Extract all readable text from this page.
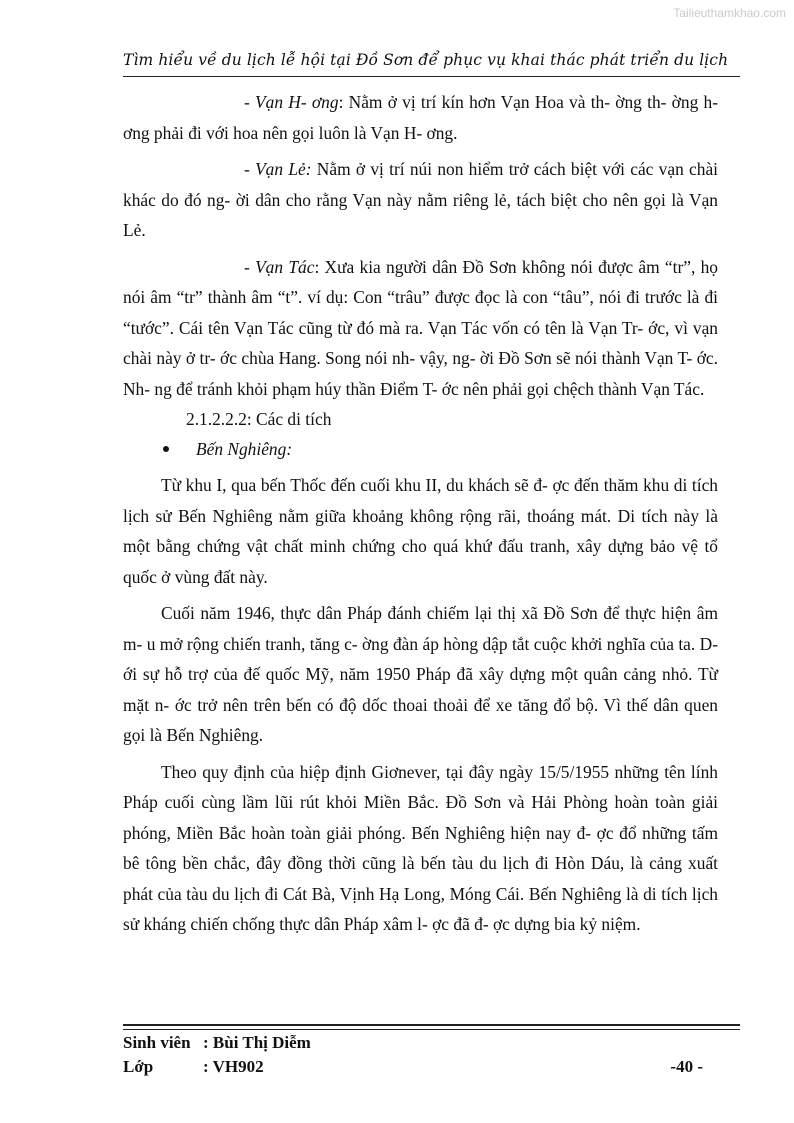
Tailieuthamkhao.com
Tìm hiểu về du lịch lễ hội tại Đồ Sơn để phục vụ khai thác phát triển du lịch

- Vạn H- ơng: Nằm ở vị trí kín hơn Vạn Hoa và th- ờng th- ờng h- ơng phải đi với hoa nên gọi luôn là Vạn H- ơng.

- Vạn Lẻ: Nằm ở vị trí núi non hiểm trở cách biệt với các vạn chài khác do đó ng- ời dân cho rằng Vạn này nằm riêng lẻ, tách biệt cho nên gọi là Vạn Lẻ.

- Vạn Tác: Xưa kia người dân Đồ Sơn không nói được âm “tr”, họ nói âm “tr” thành âm “t”. ví dụ: Con “trâu” được đọc là con “tâu”, nói đi trước là đi “tước”. Cái tên Vạn Tác cũng từ đó mà ra. Vạn Tác vốn có tên là Vạn Tr- ớc, vì vạn chài này ở tr- ớc chùa Hang. Song nói nh- vậy, ng- ời Đồ Sơn sẽ nói thành Vạn T- ớc. Nh- ng để tránh khỏi phạm húy thần Điểm T- ớc nên phải gọi chệch thành Vạn Tác.

2.1.2.2.2: Các di tích

Bến Nghiêng:

Từ khu I, qua bến Thốc đến cuối khu II, du khách sẽ đ- ợc đến thăm khu di tích lịch sử Bến Nghiêng nằm giữa khoảng không rộng rãi, thoáng mát. Di tích này là một bằng chứng vật chất minh chứng cho quá khứ đấu tranh, xây dựng bảo vệ tổ quốc ở vùng đất này.

Cuối năm 1946, thực dân Pháp đánh chiếm lại thị xã Đồ Sơn để thực hiện âm m- u mở rộng chiến tranh, tăng c- ờng đàn áp hòng dập tắt cuộc khởi nghĩa của ta. D- ới sự hỗ trợ của đế quốc Mỹ, năm 1950 Pháp đã xây dựng một quân cảng nhỏ. Từ mặt n- ớc trở nên trên bến có độ dốc thoai thoải để xe tăng đổ bộ. Vì thế dân quen gọi là Bến Nghiêng.

Theo quy định của hiệp định Giơnever, tại đây ngày 15/5/1955 những tên lính Pháp cuối cùng lầm lũi rút khỏi Miền Bắc. Đồ Sơn và Hải Phòng hoàn toàn giải phóng, Miền Bắc hoàn toàn giải phóng. Bến Nghiêng hiện nay đ- ợc đổ những tấm bê tông bền chắc, đây đồng thời cũng là bến tàu du lịch đi Hòn Dáu, là cảng xuất phát của tàu du lịch đi Cát Bà, Vịnh Hạ Long, Móng Cái. Bến Nghiêng là di tích lịch sử kháng chiến chống thực dân Pháp xâm l- ợc đã đ- ợc dựng bia kỷ niệm.

Sinh viên : Bùi Thị Diễm
Lớp	: VH902	-40 -
